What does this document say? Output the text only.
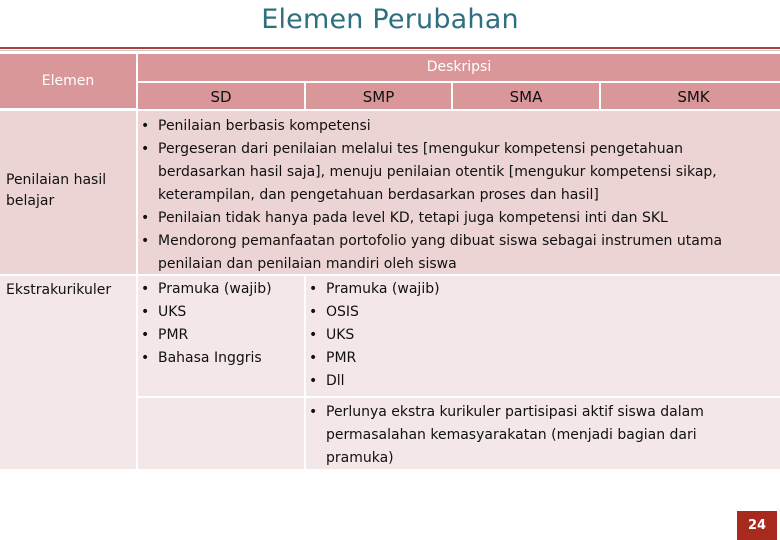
Elemen Perubahan
Elemen
Deskripsi
SD	SMP	SMA	SMK
Penilaian hasil belajar
• Penilaian berbasis kompetensi
• Pergeseran dari penilaian melalui tes [mengukur kompetensi pengetahuan berdasarkan hasil saja], menuju penilaian otentik [mengukur kompetensi sikap, keterampilan, dan pengetahuan berdasarkan proses dan hasil]
• Penilaian tidak hanya pada level KD, tetapi juga kompetensi inti dan SKL
• Mendorong pemanfaatan portofolio yang dibuat siswa sebagai instrumen utama penilaian dan penilaian mandiri oleh siswa
Ekstrakurikuler
•	Pramuka (wajib)
• UKS
• PMR
• Bahasa Inggris
• Pramuka (wajib)
• OSIS
• UKS
• PMR
• Dll
• Perlunya ekstra kurikuler partisipasi aktif siswa dalam permasalahan kemasyarakatan (menjadi bagian dari pramuka)
24
